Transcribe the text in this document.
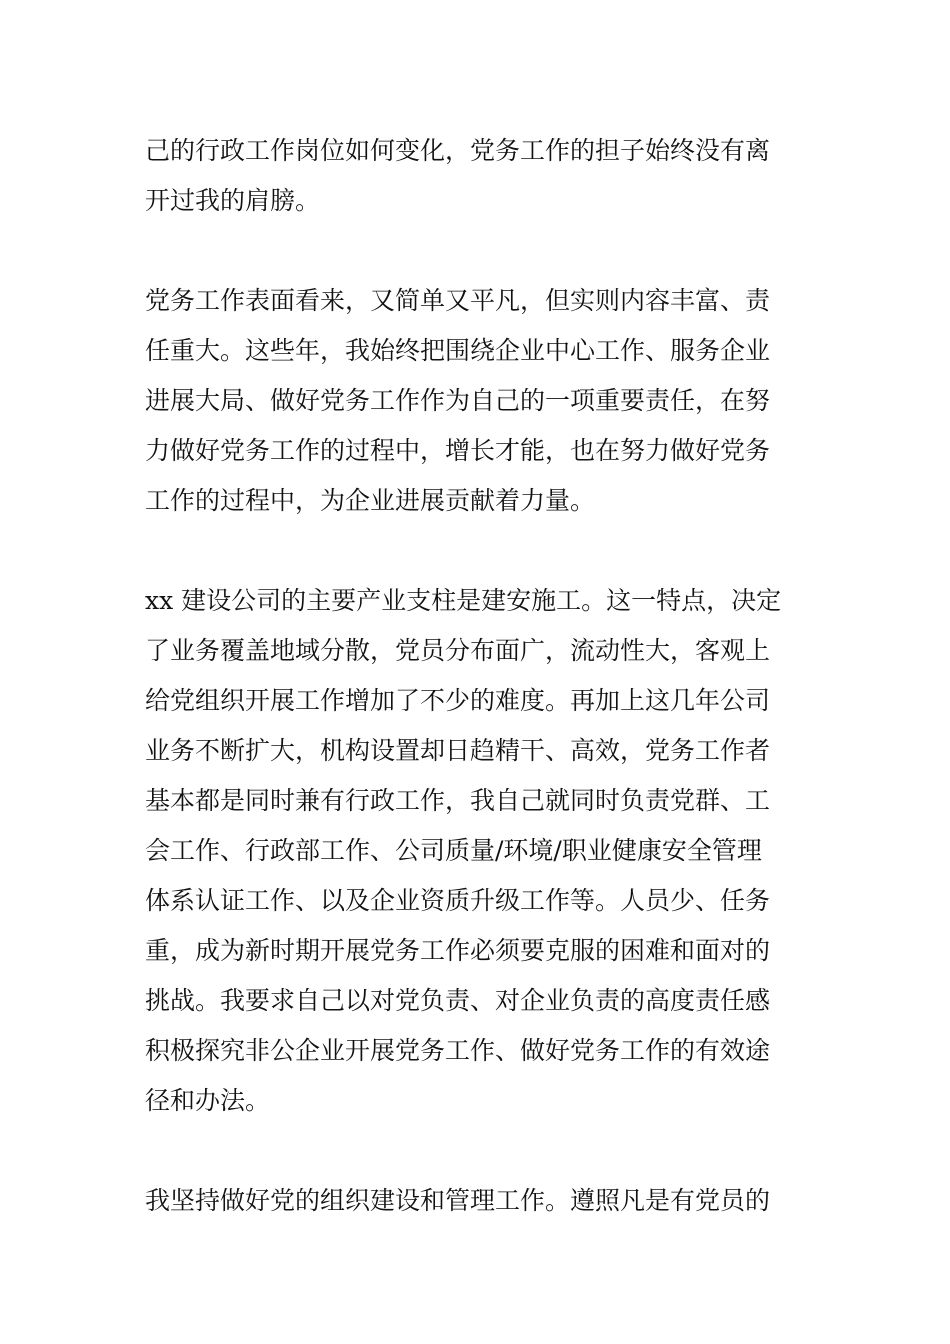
己的行政工作岗位如何变化，党务工作的担子始终没有离
开过我的肩膀。

党务工作表面看来，又简单又平凡，但实则内容丰富、责
任重大。这些年，我始终把围绕企业中心工作、服务企业
进展大局、做好党务工作作为自己的一项重要责任，在努
力做好党务工作的过程中，增长才能，也在努力做好党务
工作的过程中，为企业进展贡献着力量。

xx 建设公司的主要产业支柱是建安施工。这一特点，决定
了业务覆盖地域分散，党员分布面广，流动性大，客观上
给党组织开展工作增加了不少的难度。再加上这几年公司
业务不断扩大，机构设置却日趋精干、高效，党务工作者
基本都是同时兼有行政工作，我自己就同时负责党群、工
会工作、行政部工作、公司质量/环境/职业健康安全管理
体系认证工作、以及企业资质升级工作等。人员少、任务
重，成为新时期开展党务工作必须要克服的困难和面对的
挑战。我要求自己以对党负责、对企业负责的高度责任感
积极探究非公企业开展党务工作、做好党务工作的有效途
径和办法。

我坚持做好党的组织建设和管理工作。遵照凡是有党员的
